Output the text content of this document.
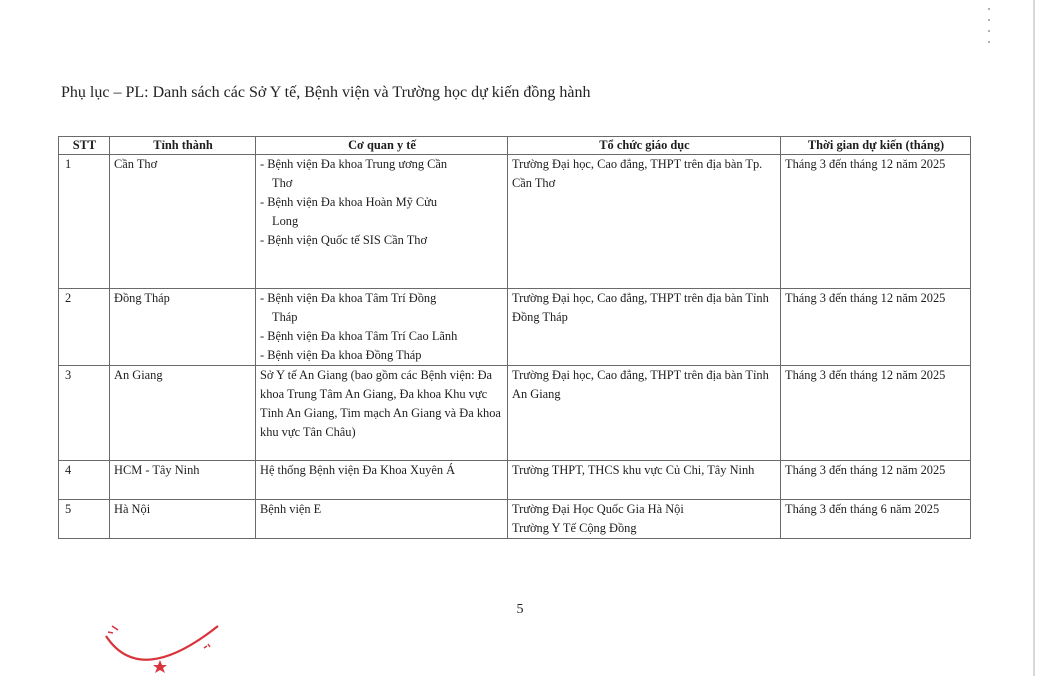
Phụ lục – PL: Danh sách các Sở Y tế, Bệnh viện và Trường học dự kiến đồng hành
STT	Tỉnh thành	Cơ quan y tế	Tổ chức giáo dục	Thời gian dự kiến (tháng)
1	Cần Thơ	- Bệnh viện Đa khoa Trung ương Cần
Thơ
- Bệnh viện Đa khoa Hoàn Mỹ Cửu
Long
- Bệnh viện Quốc tế SIS Cần Thơ	Trường Đại học, Cao đẳng, THPT trên địa bàn Tp. Cần Thơ	Tháng 3 đến tháng 12 năm 2025
2	Đồng Tháp	- Bệnh viện Đa khoa Tâm Trí Đồng
Tháp
- Bệnh viện Đa khoa Tâm Trí Cao Lãnh
- Bệnh viện Đa khoa Đồng Tháp	Trường Đại học, Cao đẳng, THPT trên địa bàn Tỉnh Đồng Tháp	Tháng 3 đến tháng 12 năm 2025
3	An Giang	Sở Y tế An Giang (bao gồm các Bệnh viện: Đa khoa Trung Tâm An Giang, Đa khoa Khu vực Tỉnh An Giang, Tim mạch An Giang và Đa khoa khu vực Tân Châu)	Trường Đại học, Cao đẳng, THPT trên địa bàn Tỉnh An Giang	Tháng 3 đến tháng 12 năm 2025
4	HCM - Tây Ninh	Hệ thống Bệnh viện Đa Khoa Xuyên Á	Trường THPT, THCS khu vực Củ Chi, Tây Ninh	Tháng 3 đến tháng 12 năm 2025
5	Hà Nội	Bệnh viện E	Trường Đại Học Quốc Gia Hà Nội
Trường Y Tế Cộng Đồng	Tháng 3 đến tháng 6 năm 2025
5
